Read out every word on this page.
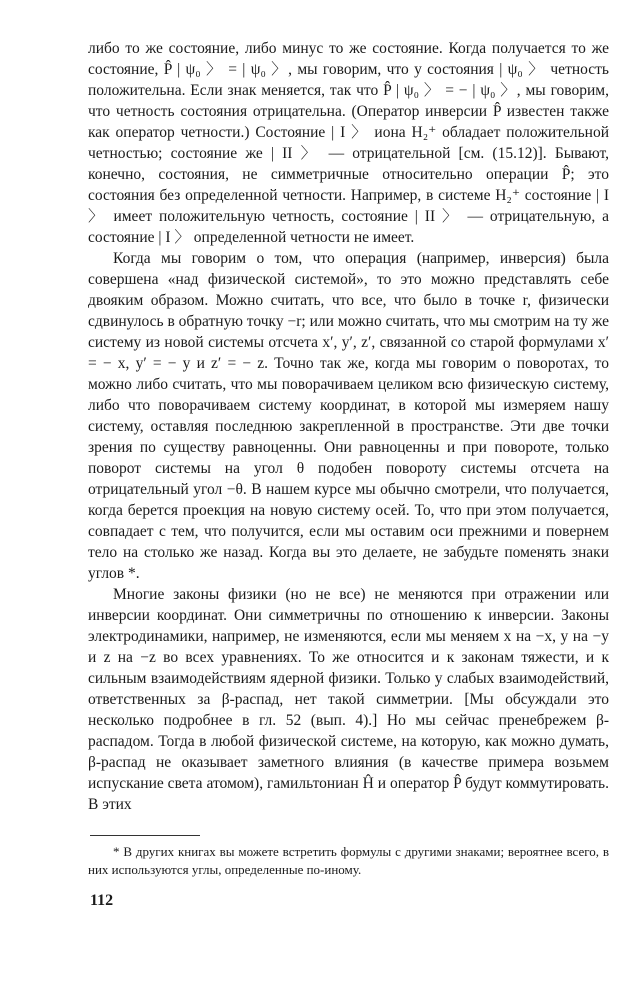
либо то же состояние, либо минус то же состояние. Когда получается то же состояние, P̂ | ψ₀ 〉 = | ψ₀ 〉, мы говорим, что у состояния | ψ₀ 〉 четность положительна. Если знак меняется, так что P̂ | ψ₀ 〉 = − | ψ₀ 〉, мы говорим, что четность состояния отрицательна. (Оператор инверсии P̂ известен также как оператор четности.) Состояние | I 〉 иона H₂⁺ обладает положительной четностью; состояние же | II 〉 — отрицательной [см. (15.12)]. Бывают, конечно, состояния, не симметричные относительно операции P̂; это состояния без определенной четности. Например, в системе H₂⁺ состояние | I 〉 имеет положительную четность, состояние | II 〉 — отрицательную, а состояние | I 〉 определенной четности не имеет.

Когда мы говорим о том, что операция (например, инверсия) была совершена «над физической системой», то это можно представлять себе двояким образом. Можно считать, что все, что было в точке r, физически сдвинулось в обратную точку −r; или можно считать, что мы смотрим на ту же систему из новой системы отсчета x′, y′, z′, связанной со старой формулами x′ = − x, y′ = − y и z′ = − z. Точно так же, когда мы говорим о поворотах, то можно либо считать, что мы поворачиваем целиком всю физическую систему, либо что поворачиваем систему координат, в которой мы измеряем нашу систему, оставляя последнюю закрепленной в пространстве. Эти две точки зрения по существу равноценны. Они равноценны и при повороте, только поворот системы на угол θ подобен повороту системы отсчета на отрицательный угол −θ. В нашем курсе мы обычно смотрели, что получается, когда берется проекция на новую систему осей. То, что при этом получается, совпадает с тем, что получится, если мы оставим оси прежними и повернем тело на столько же назад. Когда вы это делаете, не забудьте поменять знаки углов *.

Многие законы физики (но не все) не меняются при отражении или инверсии координат. Они симметричны по отношению к инверсии. Законы электродинамики, например, не изменяются, если мы меняем x на −x, y на −y и z на −z во всех уравнениях. То же относится и к законам тяжести, и к сильным взаимодействиям ядерной физики. Только у слабых взаимодействий, ответственных за β-распад, нет такой симметрии. [Мы обсуждали это несколько подробнее в гл. 52 (вып. 4).] Но мы сейчас пренебрежем β-распадом. Тогда в любой физической системе, на которую, как можно думать, β-распад не оказывает заметного влияния (в качестве примера возьмем испускание света атомом), гамильтониан Ĥ и оператор P̂ будут коммутировать. В этих

* В других книгах вы можете встретить формулы с другими знаками; вероятнее всего, в них используются углы, определенные по-иному.

112
